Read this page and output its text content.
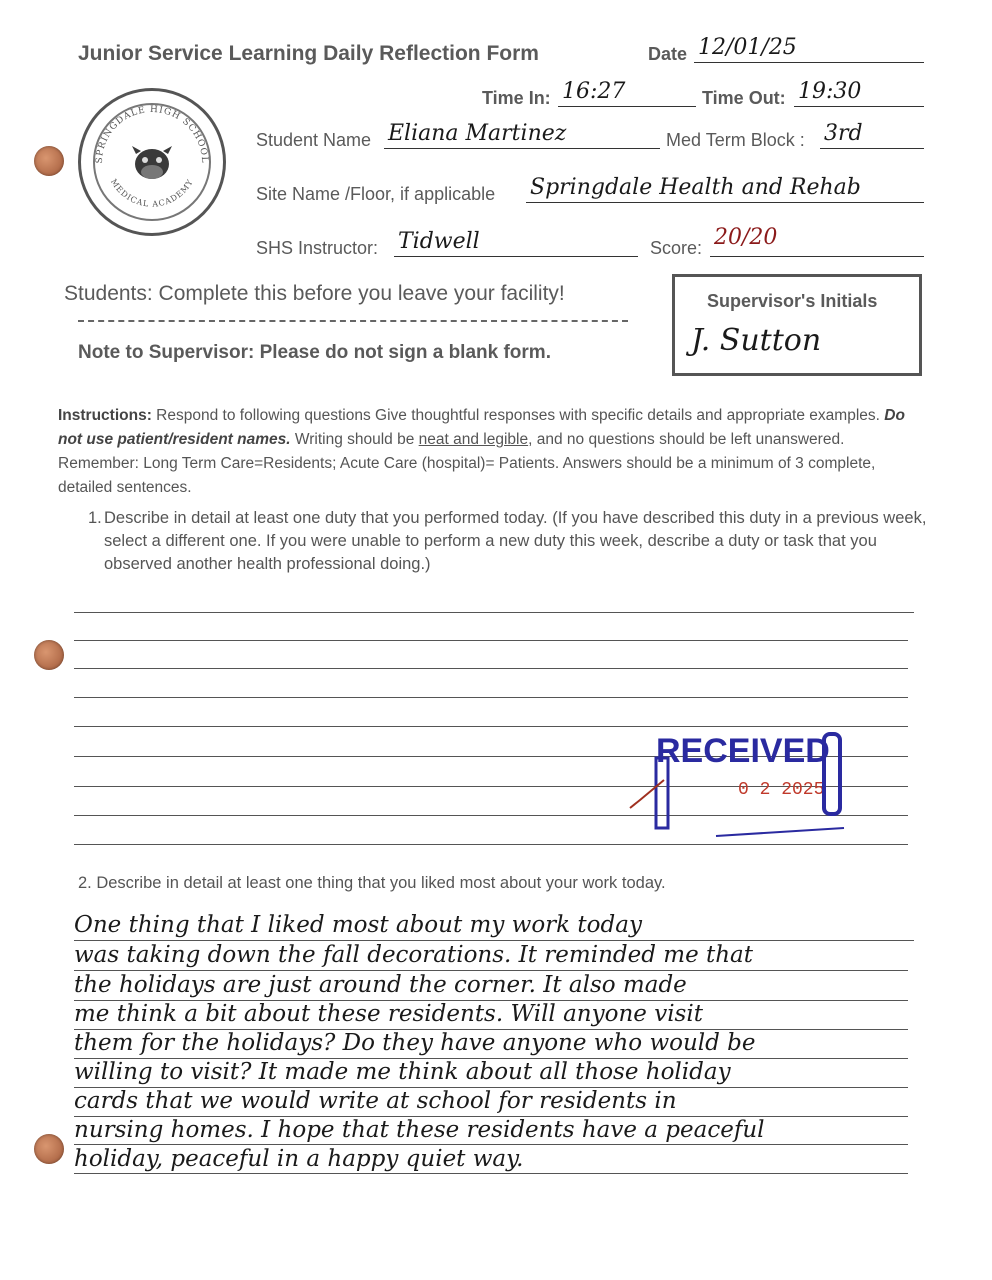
Junior Service Learning Daily Reflection Form	Date 12/01/25
SPRINGDALE HIGH SCHOOL
MEDICAL ACADEMY
Time In: 16:27	Time Out: 19:30
Student Name Eliana Martinez	Med Term Block : 3rd
Site Name /Floor, if applicable Springdale Health and Rehab
SHS Instructor: Tidwell	Score: 20/20
Students: Complete this before you leave your facility!
Note to Supervisor: Please do not sign a blank form.
Supervisor's Initials
J. Sutton
Instructions: Respond to following questions Give thoughtful responses with specific details and appropriate examples. Do not use patient/resident names. Writing should be neat and legible, and no questions should be left unanswered. Remember: Long Term Care=Residents; Acute Care (hospital)= Patients. Answers should be a minimum of 3 complete, detailed sentences.
1. Describe in detail at least one duty that you performed today. (If you have described this duty in a previous week, select a different one. If you were unable to perform a new duty this week, describe a duty or task that you observed another health professional doing.)
RECEIVED
0 2 2025
2. Describe in detail at least one thing that you liked most about your work today.
One thing that I liked most about my work today
was taking down the fall decorations. It reminded me that
the holidays are just around the corner. It also made
me think a bit about these residents. Will anyone visit
them for the holidays? Do they have anyone who would be
willing to visit? It made me think about all those holiday
cards that we would write at school for residents in
nursing homes. I hope that these residents have a peaceful
holiday, peaceful in a happy quiet way.
